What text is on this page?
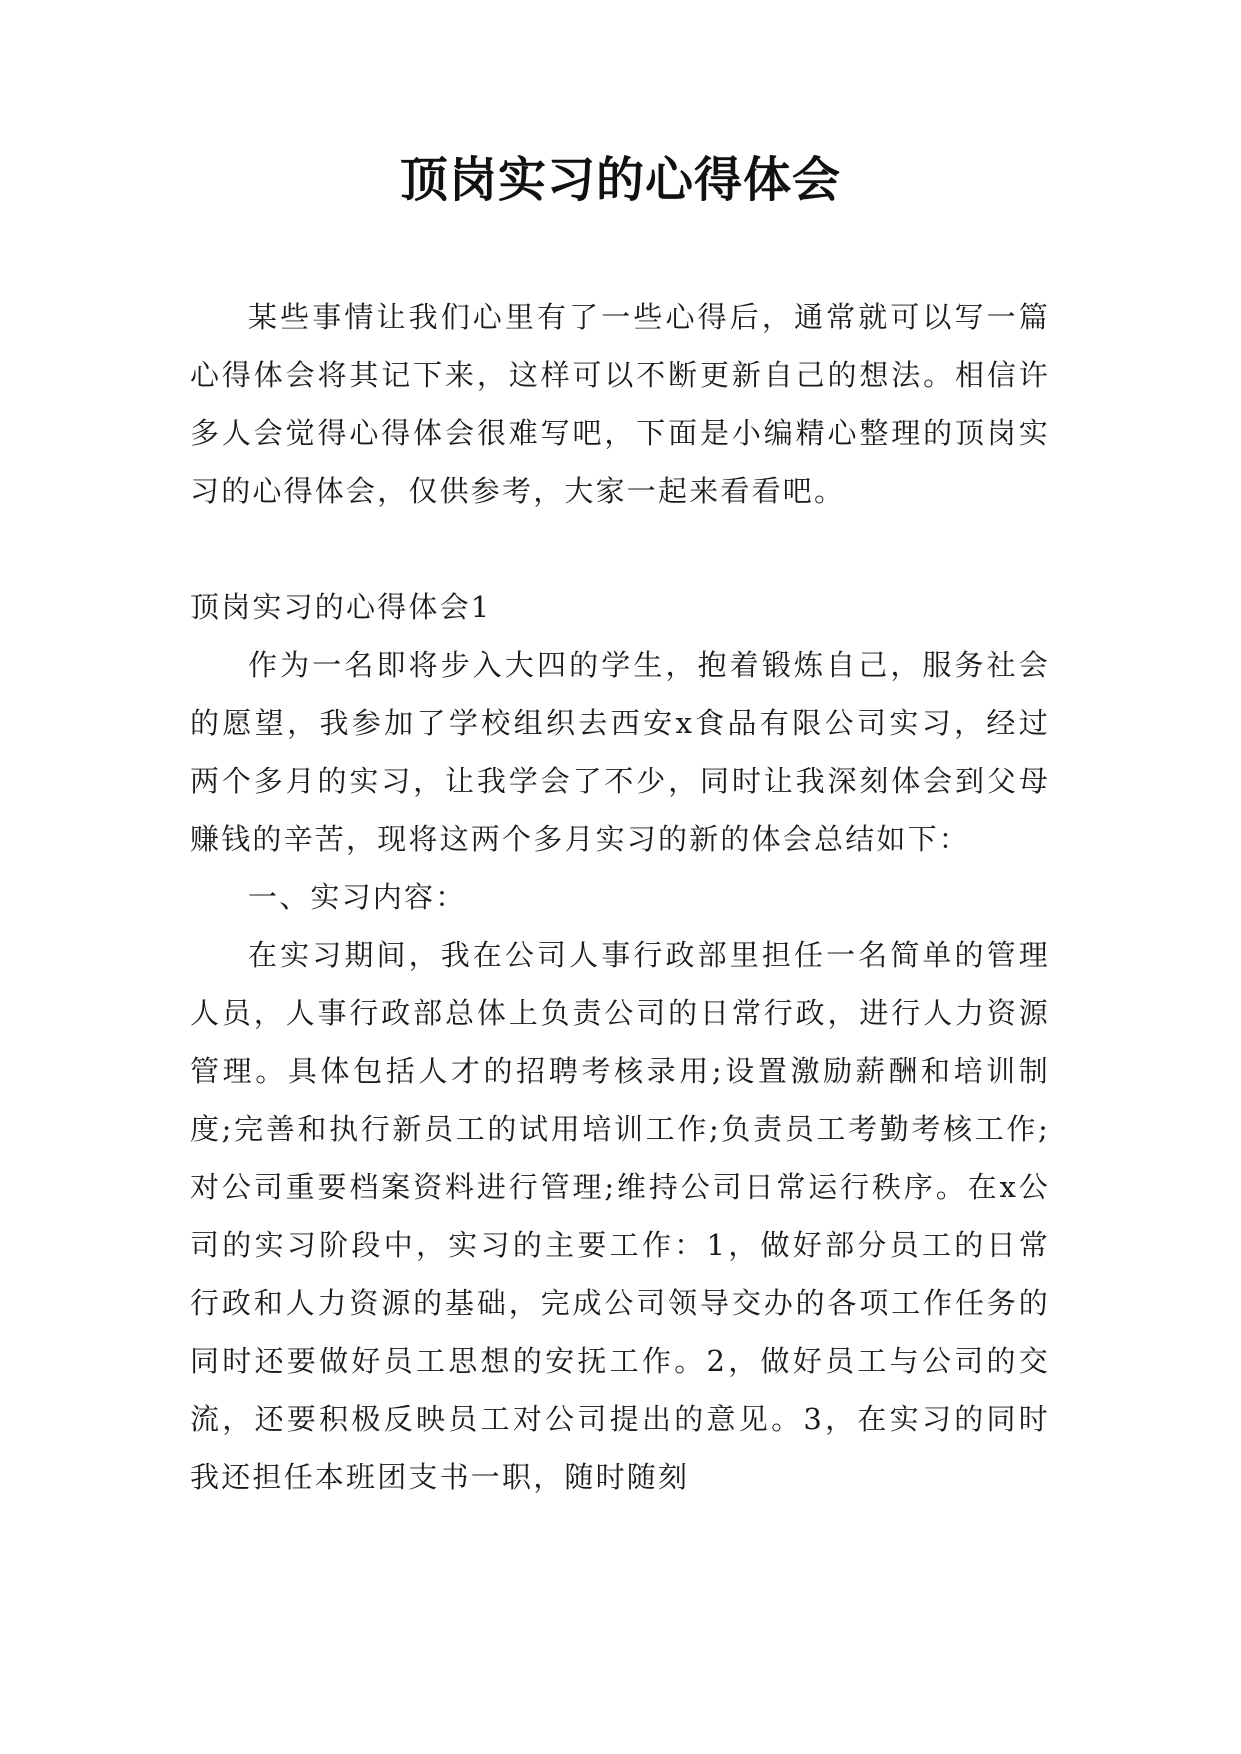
顶岗实习的心得体会

某些事情让我们心里有了一些心得后，通常就可以写一篇心得体会将其记下来，这样可以不断更新自己的想法。相信许多人会觉得心得体会很难写吧，下面是小编精心整理的顶岗实习的心得体会，仅供参考，大家一起来看看吧。

顶岗实习的心得体会1

作为一名即将步入大四的学生，抱着锻炼自己，服务社会的愿望，我参加了学校组织去西安x食品有限公司实习，经过两个多月的实习，让我学会了不少，同时让我深刻体会到父母赚钱的辛苦，现将这两个多月实习的新的体会总结如下：

一、实习内容：

在实习期间，我在公司人事行政部里担任一名简单的管理人员，人事行政部总体上负责公司的日常行政，进行人力资源管理。具体包括人才的招聘考核录用;设置激励薪酬和培训制度;完善和执行新员工的试用培训工作;负责员工考勤考核工作;对公司重要档案资料进行管理;维持公司日常运行秩序。在x公司的实习阶段中，实习的主要工作：1，做好部分员工的日常行政和人力资源的基础，完成公司领导交办的各项工作任务的同时还要做好员工思想的安抚工作。2，做好员工与公司的交流，还要积极反映员工对公司提出的意见。3，在实习的同时我还担任本班团支书一职，随时随刻
